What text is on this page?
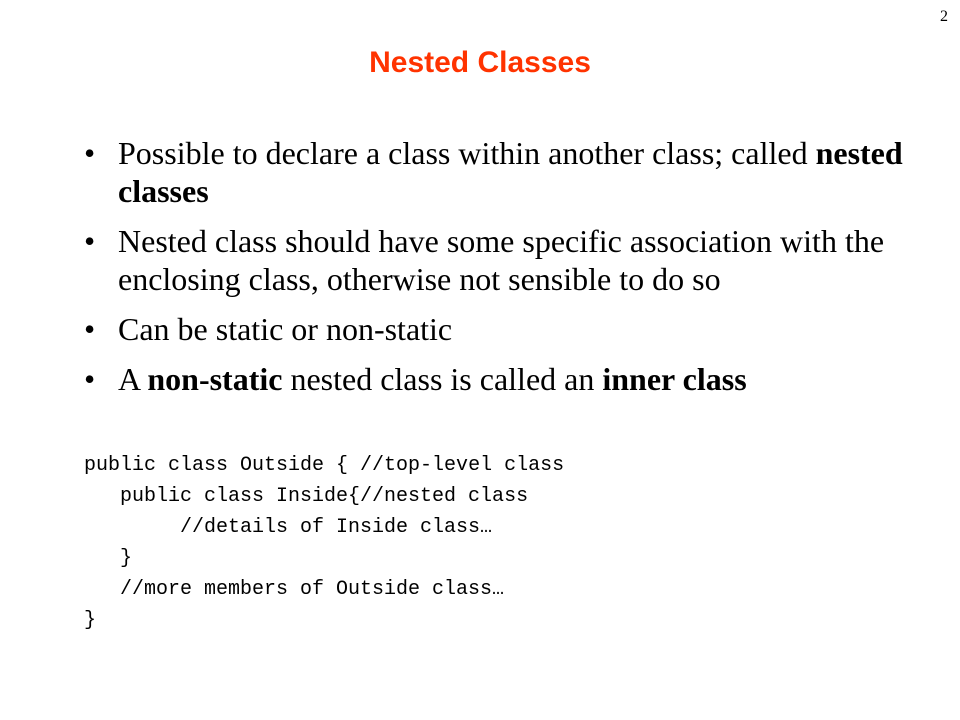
2
Nested Classes
• Possible to declare a class within another class; called nested classes
• Nested class should have some specific association with the enclosing class, otherwise not sensible to do so
• Can be static or non-static
• A non-static nested class is called an inner class
public class Outside { //top-level class
public class Inside{//nested class
//details of Inside class…
}
//more members of Outside class…
}
